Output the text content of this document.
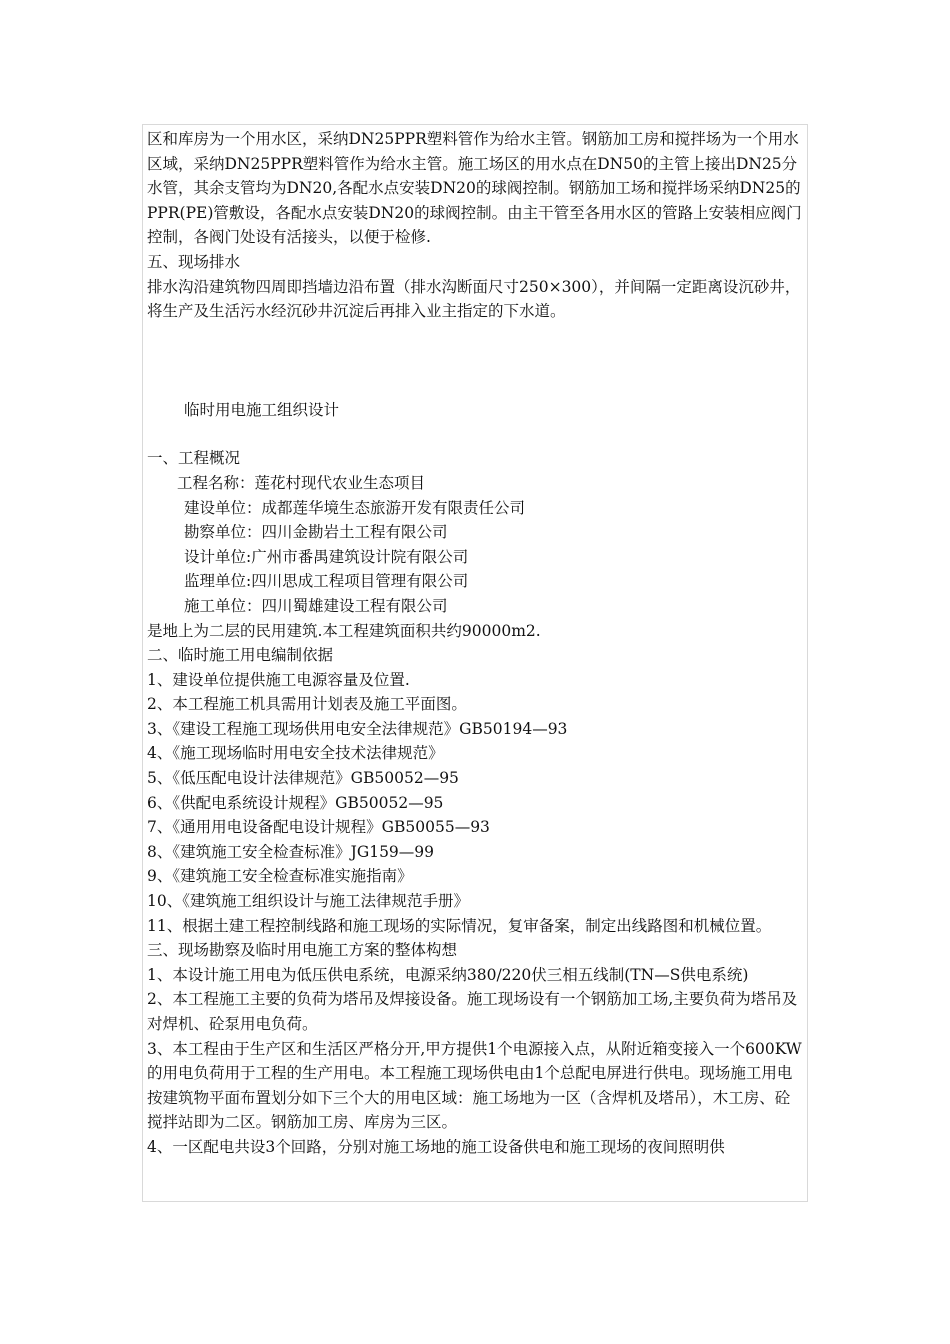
区和库房为一个用水区，采纳DN25PPR塑料管作为给水主管。钢筋加工房和搅拌场为一个用水区域，采纳DN25PPR塑料管作为给水主管。施工场区的用水点在DN50的主管上接出DN25分水管，其余支管均为DN20,各配水点安装DN20的球阀控制。钢筋加工场和搅拌场采纳DN25的PPR(PE)管敷设，各配水点安装DN20的球阀控制。由主干管至各用水区的管路上安装相应阀门控制，各阀门处设有活接头，以便于检修.

五、现场排水

排水沟沿建筑物四周即挡墙边沿布置（排水沟断面尺寸250×300），并间隔一定距离设沉砂井，将生产及生活污水经沉砂井沉淀后再排入业主指定的下水道。

临时用电施工组织设计

一、工程概况

工程名称：莲花村现代农业生态项目

建设单位：成都莲华境生态旅游开发有限责任公司

勘察单位：四川金勘岩土工程有限公司

设计单位:广州市番禺建筑设计院有限公司

监理单位:四川思成工程项目管理有限公司

施工单位：四川蜀雄建设工程有限公司

是地上为二层的民用建筑.本工程建筑面积共约90000m2.

二、临时施工用电编制依据

1、建设单位提供施工电源容量及位置.

2、本工程施工机具需用计划表及施工平面图。

3、《建设工程施工现场供用电安全法律规范》GB50194—93

4、《施工现场临时用电安全技术法律规范》

5、《低压配电设计法律规范》GB50052—95

6、《供配电系统设计规程》GB50052—95

7、《通用用电设备配电设计规程》GB50055—93

8、《建筑施工安全检查标准》JG159—99

9、《建筑施工安全检查标准实施指南》

10、《建筑施工组织设计与施工法律规范手册》

11、根据土建工程控制线路和施工现场的实际情况，复审备案，制定出线路图和机械位置。

三、现场勘察及临时用电施工方案的整体构想

1、本设计施工用电为低压供电系统，电源采纳380/220伏三相五线制(TN—S供电系统)

2、本工程施工主要的负荷为塔吊及焊接设备。施工现场设有一个钢筋加工场,主要负荷为塔吊及对焊机、砼泵用电负荷。

3、本工程由于生产区和生活区严格分开,甲方提供1个电源接入点，从附近箱变接入一个600KW的用电负荷用于工程的生产用电。本工程施工现场供电由1个总配电屏进行供电。现场施工用电按建筑物平面布置划分如下三个大的用电区域：施工场地为一区（含焊机及塔吊），木工房、砼搅拌站即为二区。钢筋加工房、库房为三区。

4、一区配电共设3个回路，分别对施工场地的施工设备供电和施工现场的夜间照明供
